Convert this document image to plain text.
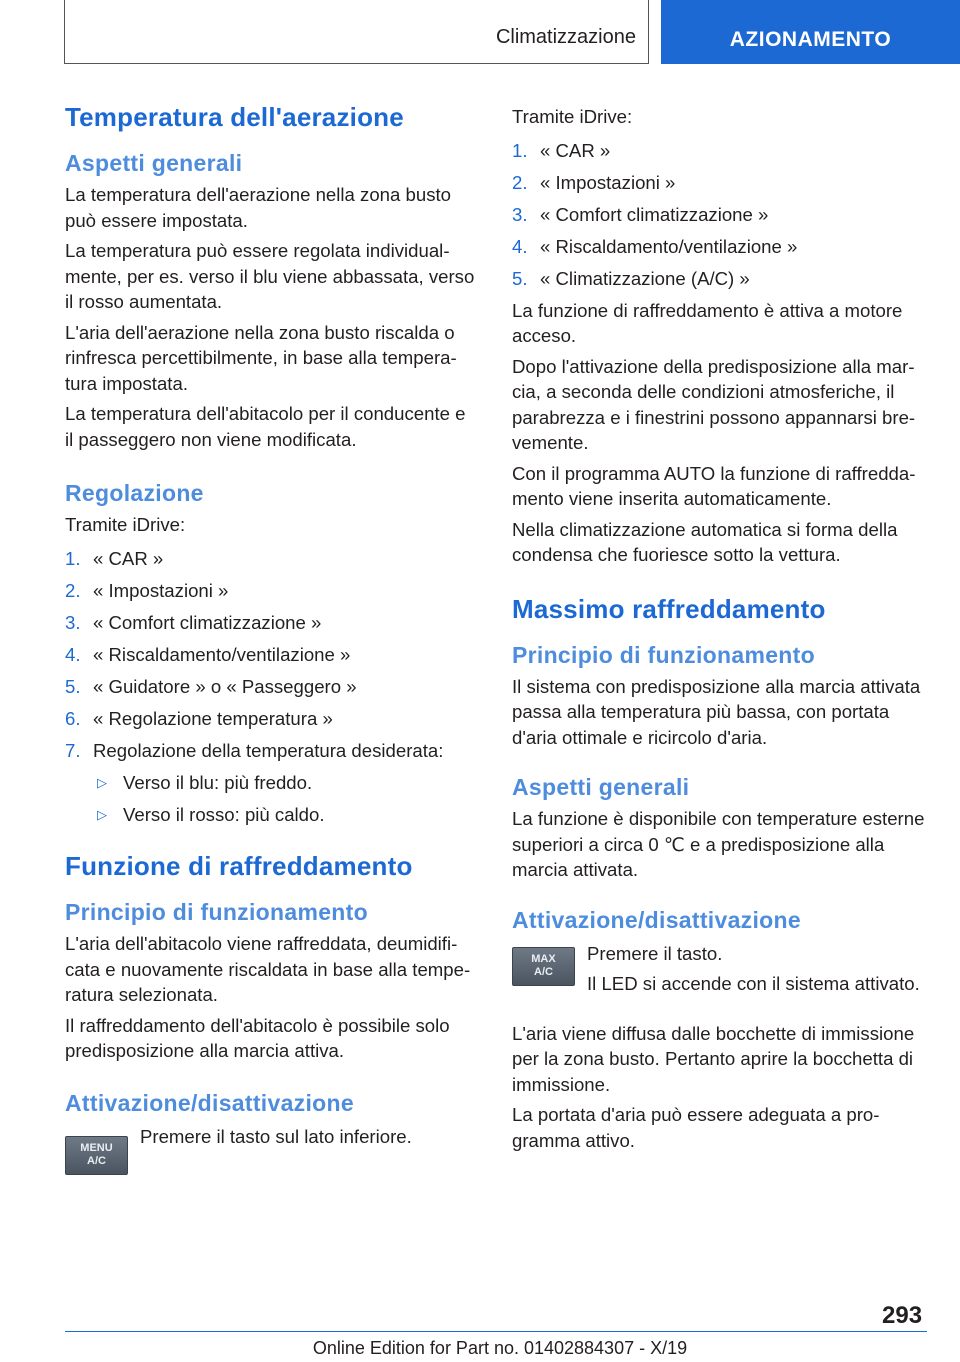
Climatizzazione	AZIONAMENTO
Temperatura dell'aerazione
Aspetti generali

La temperatura dell'aerazione nella zona busto può essere impostata.

La temperatura può essere regolata individualmente, per es. verso il blu viene abbassata, verso il rosso aumentata.

L'aria dell'aerazione nella zona busto riscalda o rinfresca percettibilmente, in base alla temperatura impostata.

La temperatura dell'abitacolo per il conducente e il passeggero non viene modificata.

Regolazione

Tramite iDrive:

1. « CAR »
2. « Impostazioni »
3. « Comfort climatizzazione »
4. « Riscaldamento/ventilazione »
5. « Guidatore » o « Passeggero »
6. « Regolazione temperatura »
7. Regolazione della temperatura desiderata:
▷ Verso il blu: più freddo.
▷ Verso il rosso: più caldo.
Funzione di raffreddamento
Principio di funzionamento

L'aria dell'abitacolo viene raffreddata, deumidificata e nuovamente riscaldata in base alla temperatura selezionata.

Il raffreddamento dell'abitacolo è possibile solo predisposizione alla marcia attiva.

Attivazione/disattivazione
MENU
A/C

Premere il tasto sul lato inferiore.

Tramite iDrive:

1. « CAR »
2. « Impostazioni »
3. « Comfort climatizzazione »
4. « Riscaldamento/ventilazione »
5. « Climatizzazione (A/C) »

La funzione di raffreddamento è attiva a motore acceso.

Dopo l'attivazione della predisposizione alla marcia, a seconda delle condizioni atmosferiche, il parabrezza e i finestrini possono appannarsi brevemente.

Con il programma AUTO la funzione di raffreddamento viene inserita automaticamente.

Nella climatizzazione automatica si forma della condensa che fuoriesce sotto la vettura.

Massimo raffreddamento
Principio di funzionamento

Il sistema con predisposizione alla marcia attivata passa alla temperatura più bassa, con portata d'aria ottimale e ricircolo d'aria.

Aspetti generali

La funzione è disponibile con temperature esterne superiori a circa 0 ℃ e a predisposizione alla marcia attivata.

Attivazione/disattivazione
MAX
A/C

Premere il tasto.

Il LED si accende con il sistema attivato.

L'aria viene diffusa dalle bocchette di immissione per la zona busto. Pertanto aprire la bocchetta di immissione.

La portata d'aria può essere adeguata a programma attivo.

293
Online Edition for Part no. 01402884307 - X/19
